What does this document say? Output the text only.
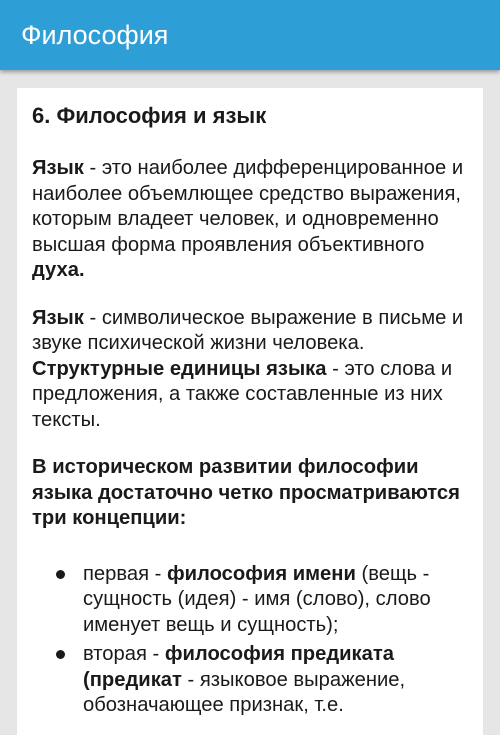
Философия
6. Философия и язык

Язык - это наиболее дифференцированное и наиболее объемлющее средство выражения, которым владеет человек, и одновременно высшая форма проявления объективного духа.

Язык - символическое выражение в письме и звуке психической жизни человека. Структурные единицы языка - это слова и предложения, а также составленные из них тексты.

В историческом развитии философии языка достаточно четко просматриваются три концепции:

первая - философия имени (вещь - сущность (идея) - имя (слово), слово именует вещь и сущность);
вторая - философия предиката (предикат - языковое выражение, обозначающее признак, т.е.
